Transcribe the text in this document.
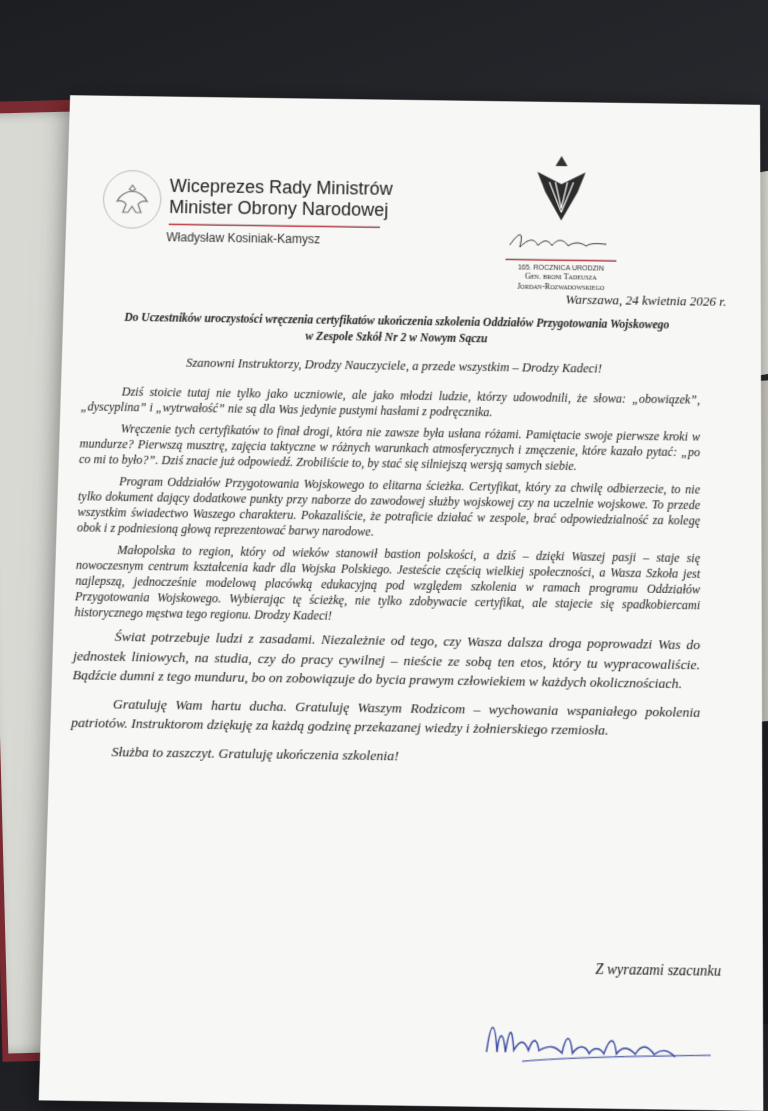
Wiceprezes Rady Ministrów
Minister Obrony Narodowej
Władysław Kosiniak-Kamysz

165. ROCZNICA URODZIN
Gen. broni Tadeusza
Jordan-Rozwadowskiego
Warszawa, 24 kwietnia 2026 r.
Do Uczestników uroczystości wręczenia certyfikatów ukończenia szkolenia Oddziałów Przygotowania Wojskowego w Zespole Szkół Nr 2 w Nowym Sączu
Szanowni Instruktorzy, Drodzy Nauczyciele, a przede wszystkim – Drodzy Kadeci!

Dziś stoicie tutaj nie tylko jako uczniowie, ale jako młodzi ludzie, którzy udowodnili, że słowa: „obowiązek”, „dyscyplina” i „wytrwałość” nie są dla Was jedynie pustymi hasłami z podręcznika.

Wręczenie tych certyfikatów to finał drogi, która nie zawsze była usłana różami. Pamiętacie swoje pierwsze kroki w mundurze? Pierwszą musztrę, zajęcia taktyczne w różnych warunkach atmosferycznych i zmęczenie, które kazało pytać: „po co mi to było?”. Dziś znacie już odpowiedź. Zrobiliście to, by stać się silniejszą wersją samych siebie.

Program Oddziałów Przygotowania Wojskowego to elitarna ścieżka. Certyfikat, który za chwilę odbierzecie, to nie tylko dokument dający dodatkowe punkty przy naborze do zawodowej służby wojskowej czy na uczelnie wojskowe. To przede wszystkim świadectwo Waszego charakteru. Pokazaliście, że potraficie działać w zespole, brać odpowiedzialność za kolegę obok i z podniesioną głową reprezentować barwy narodowe.

Małopolska to region, który od wieków stanowił bastion polskości, a dziś – dzięki Waszej pasji – staje się nowoczesnym centrum kształcenia kadr dla Wojska Polskiego. Jesteście częścią wielkiej społeczności, a Wasza Szkoła jest najlepszą, jednocześnie modelową placówką edukacyjną pod względem szkolenia w ramach programu Oddziałów Przygotowania Wojskowego. Wybierając tę ścieżkę, nie tylko zdobywacie certyfikat, ale stajecie się spadkobiercami historycznego męstwa tego regionu. Drodzy Kadeci!

Świat potrzebuje ludzi z zasadami. Niezależnie od tego, czy Wasza dalsza droga poprowadzi Was do jednostek liniowych, na studia, czy do pracy cywilnej – nieście ze sobą ten etos, który tu wypracowaliście. Bądźcie dumni z tego munduru, bo on zobowiązuje do bycia prawym człowiekiem w każdych okolicznościach.

Gratuluję Wam hartu ducha. Gratuluję Waszym Rodzicom – wychowania wspaniałego pokolenia patriotów. Instruktorom dziękuję za każdą godzinę przekazanej wiedzy i żołnierskiego rzemiosła.

Służba to zaszczyt. Gratuluję ukończenia szkolenia!

Z wyrazami szacunku
